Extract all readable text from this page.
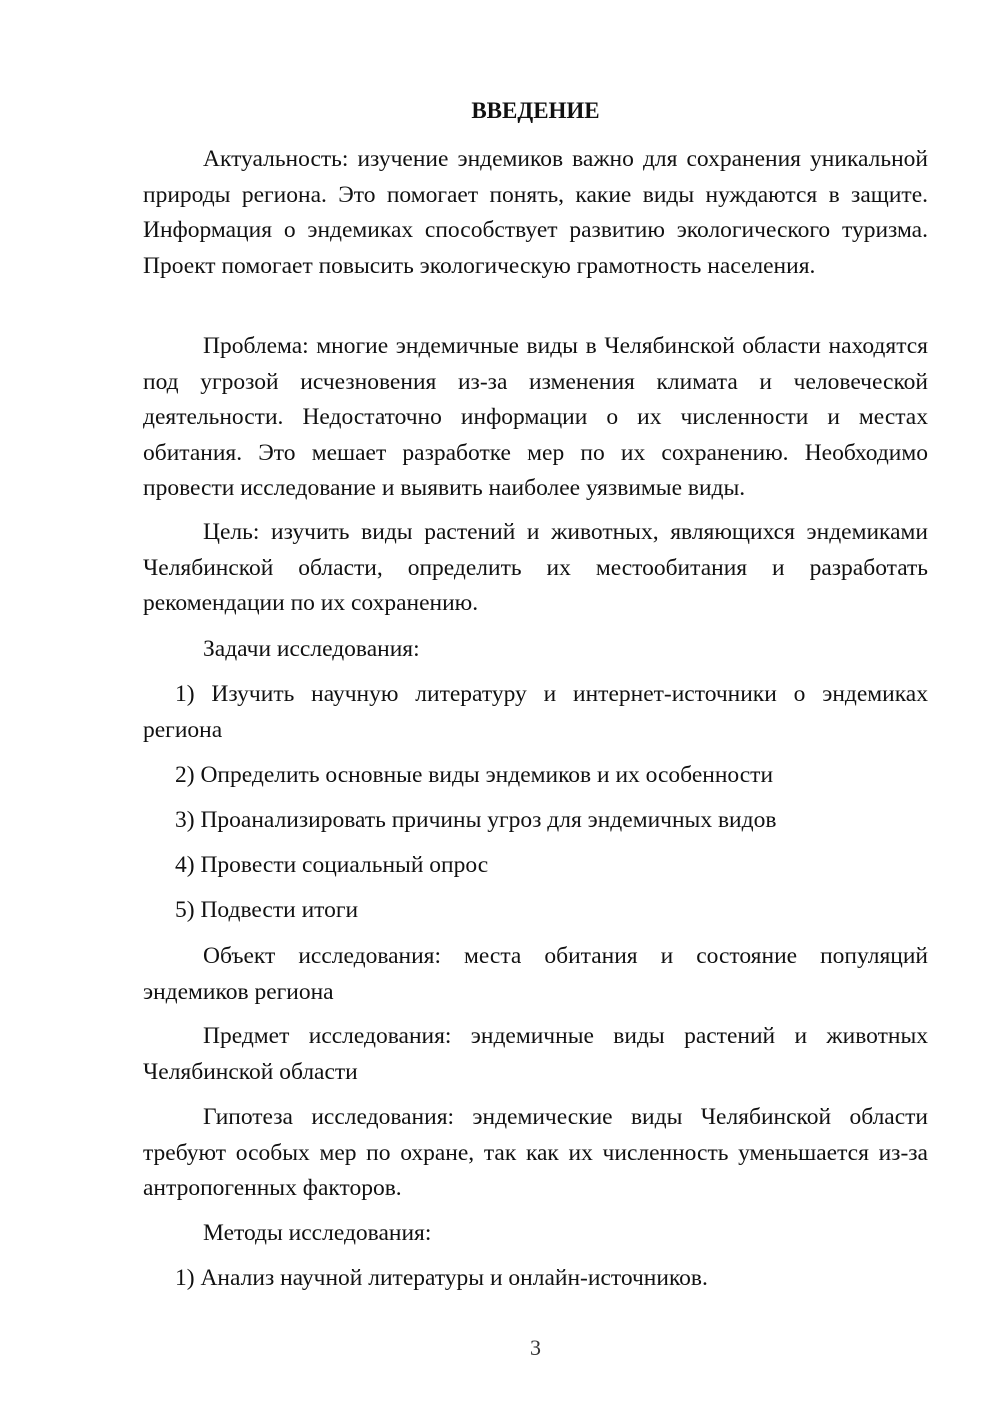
ВВЕДЕНИЕ

Актуальность: изучение эндемиков важно для сохранения уникальной природы региона. Это помогает понять, какие виды нуждаются в защите. Информация о эндемиках способствует развитию экологического туризма. Проект помогает повысить экологическую грамотность населения.

Проблема: многие эндемичные виды в Челябинской области находятся под угрозой исчезновения из-за изменения климата и человеческой деятельности. Недостаточно информации о их численности и местах обитания. Это мешает разработке мер по их сохранению. Необходимо провести исследование и выявить наиболее уязвимые виды.

Цель: изучить виды растений и животных, являющихся эндемиками Челябинской области, определить их местообитания и разработать рекомендации по их сохранению.

Задачи исследования:

1) Изучить научную литературу и интернет-источники о эндемиках региона

2) Определить основные виды эндемиков и их особенности

3) Проанализировать причины угроз для эндемичных видов

4) Провести социальный опрос

5) Подвести итоги

Объект исследования: места обитания и состояние популяций эндемиков региона

Предмет исследования: эндемичные виды растений и животных Челябинской области

Гипотеза исследования: эндемические виды Челябинской области требуют особых мер по охране, так как их численность уменьшается из-за антропогенных факторов.

Методы исследования:

1) Анализ научной литературы и онлайн-источников.

3
